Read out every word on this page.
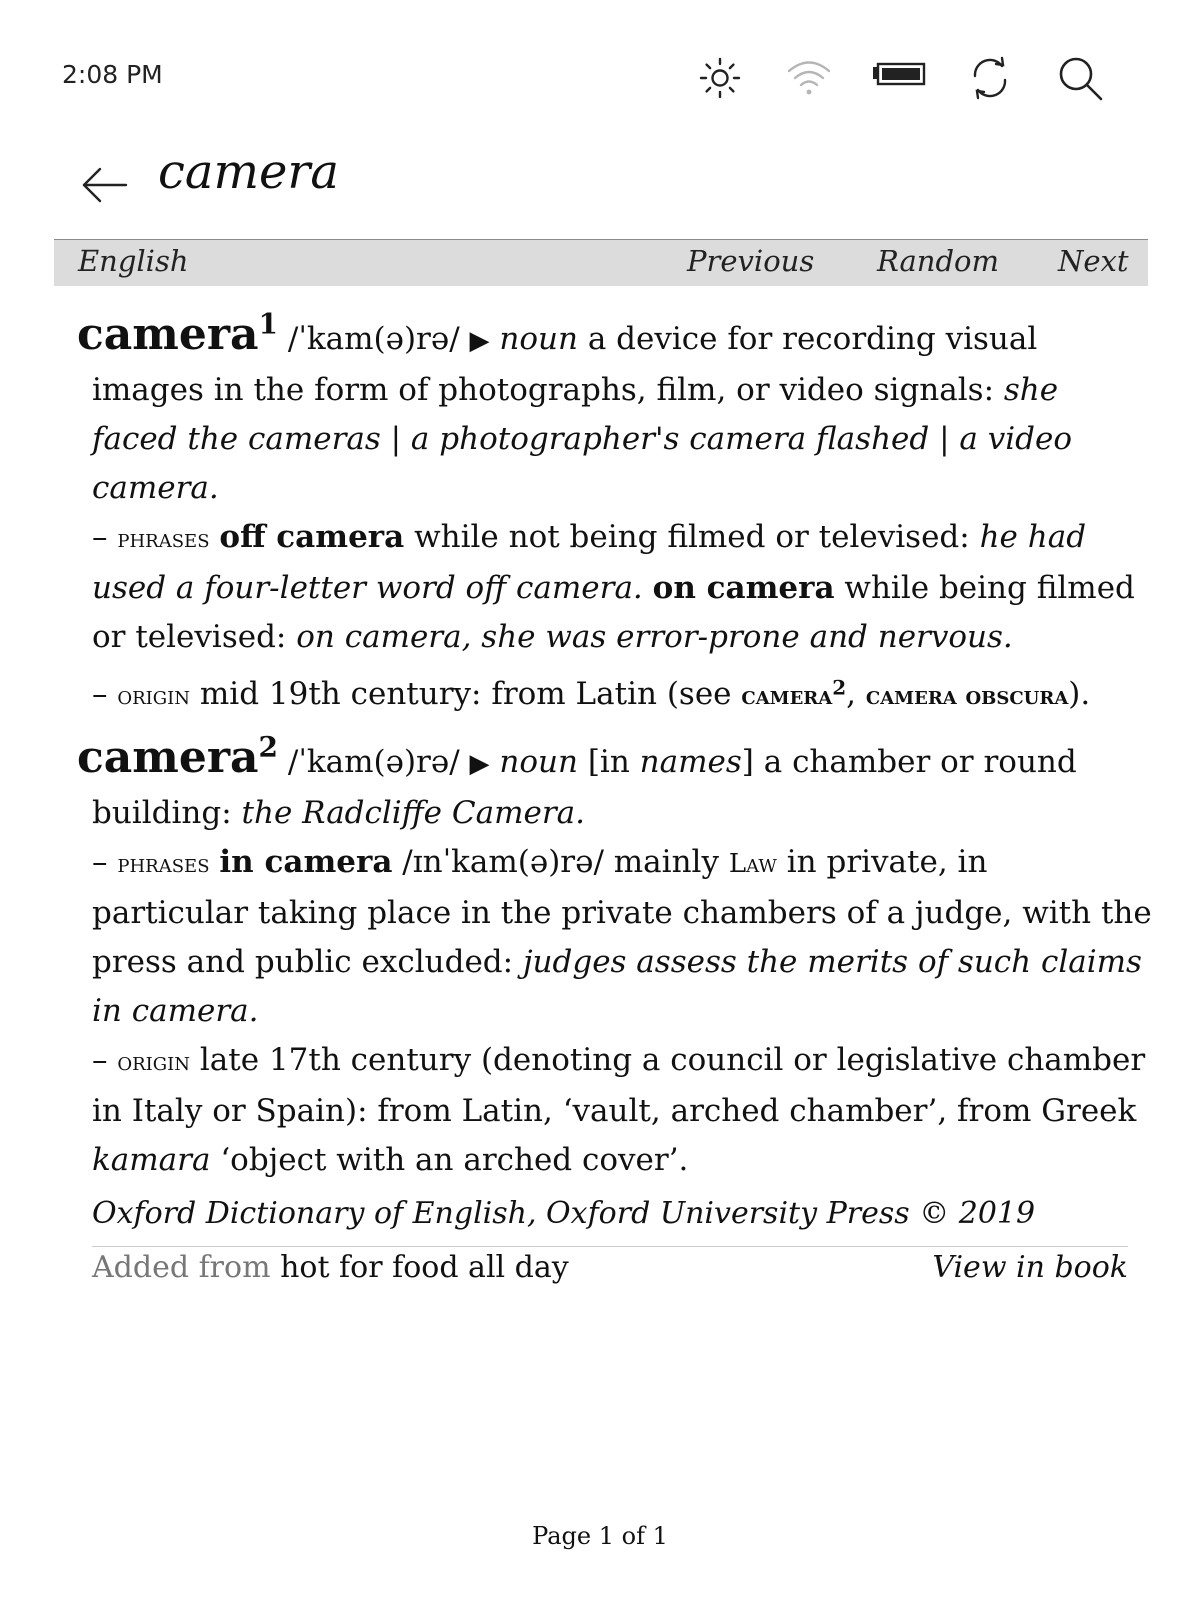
2:08 PM
camera
English	Previous Random Next

camera$^1$ /ˈkam(ə)rə/ ▶ noun a device for recording visual images in the form of photographs, film, or video signals: she faced the cameras | a photographer's camera flashed | a video camera.

– phrases off camera while not being filmed or televised: he had used a four-letter word off camera. on camera while being filmed or televised: on camera, she was error-prone and nervous.

– origin mid 19th century: from Latin (see camera$^2$, camera obscura).

camera$^2$ /ˈkam(ə)rə/ ▶ noun [in names] a chamber or round building: the Radcliffe Camera.

– phrases in camera /ɪnˈkam(ə)rə/ mainly Law in private, in particular taking place in the private chambers of a judge, with the press and public excluded: judges assess the merits of such claims in camera.

– origin late 17th century (denoting a council or legislative chamber in Italy or Spain): from Latin, ‘vault, arched chamber’, from Greek kamara ‘object with an arched cover’.

Oxford Dictionary of English, Oxford University Press © 2019
Added from hot for food all day	View in book
Page 1 of 1
